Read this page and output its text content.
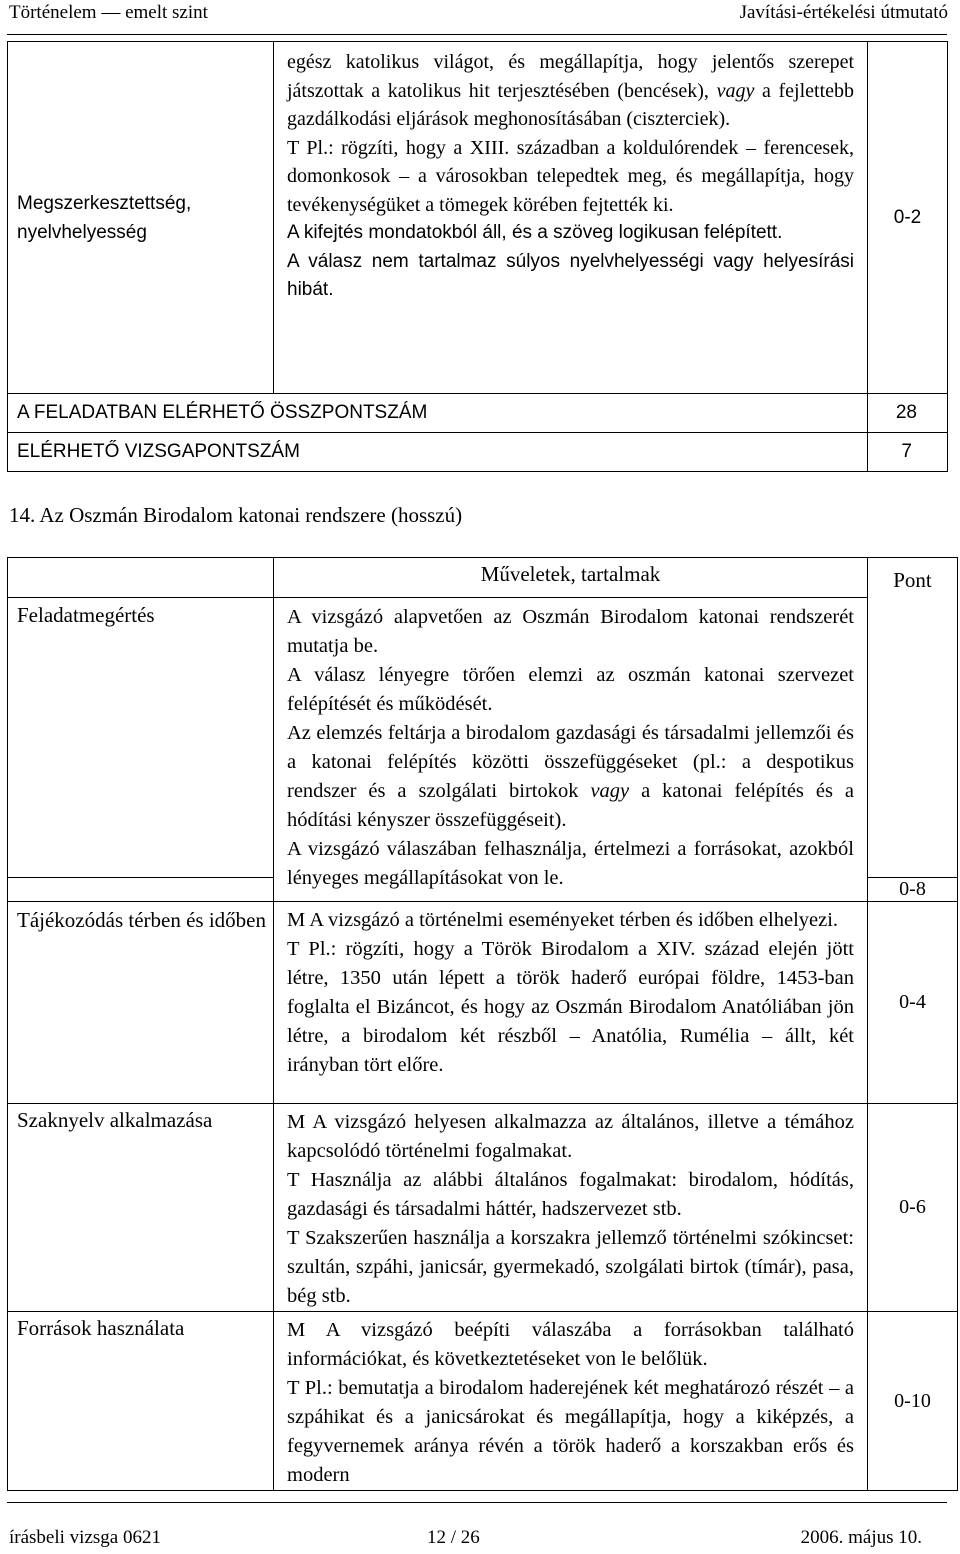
Történelem — emelt szint	Javítási-értékelési útmutató
Megszerkesztettség, nyelvhelyesség	egész katolikus világot, és megállapítja, hogy jelentős szerepet játszottak a katolikus hit terjesztésében (bencések), vagy a fejlettebb gazdálkodási eljárások meghonosításában (ciszterciek).

T Pl.: rögzíti, hogy a XIII. században a koldulórendek – ferencesek, domonkosok – a városokban telepedtek meg, és megállapítja, hogy tevékenységüket a tömegek körében fejtették ki.

A kifejtés mondatokból áll, és a szöveg logikusan felépített.

A válasz nem tartalmaz súlyos nyelvhelyességi vagy helyesírási hibát.	0-2
A FELADATBAN ELÉRHETŐ ÖSSZPONTSZÁM		28
ELÉRHETŐ VIZSGAPONTSZÁM		7
14. Az Oszmán Birodalom katonai rendszere (hosszú)
	Műveletek, tartalmak	Pont
Feladatmegértés	A vizsgázó alapvetően az Oszmán Birodalom katonai rendszerét mutatja be.

A válasz lényegre törően elemzi az oszmán katonai szervezet felépítését és működését.

Az elemzés feltárja a birodalom gazdasági és társadalmi jellemzői és a katonai felépítés közötti összefüggéseket (pl.: a despotikus rendszer és a szolgálati birtokok vagy a katonai felépítés és a hódítási kényszer összefüggéseit).

A vizsgázó válaszában felhasználja, értelmezi a forrásokat, azokból lényeges megállapításokat von le.	

		0-8
Tájékozódás térben és időben	M A vizsgázó a történelmi eseményeket térben és időben elhelyezi.

T Pl.: rögzíti, hogy a Török Birodalom a XIV. század elején jött létre, 1350 után lépett a török haderő európai földre, 1453-ban foglalta el Bizáncot, és hogy az Oszmán Birodalom Anatóliában jön létre, a birodalom két részből – Anatólia, Rumélia – állt, két irányban tört előre.	0-4
Szaknyelv alkalmazása	M A vizsgázó helyesen alkalmazza az általános, illetve a témához kapcsolódó történelmi fogalmakat.

T Használja az alábbi általános fogalmakat: birodalom, hódítás, gazdasági és társadalmi háttér, hadszervezet stb.

T Szakszerűen használja a korszakra jellemző történelmi szókincset: szultán, szpáhi, janicsár, gyermekadó, szolgálati birtok (tímár), pasa, bég stb.	0-6
Források használata	M A vizsgázó beépíti válaszába a forrásokban található információkat, és következtetéseket von le belőlük.

T Pl.: bemutatja a birodalom haderejének két meghatározó részét – a szpáhikat és a janicsárokat és megállapítja, hogy a kiképzés, a fegyvernemek aránya révén a török haderő a korszakban erős és modern	0-10
írásbeli vizsga 0621	12 / 26	2006. május 10.
